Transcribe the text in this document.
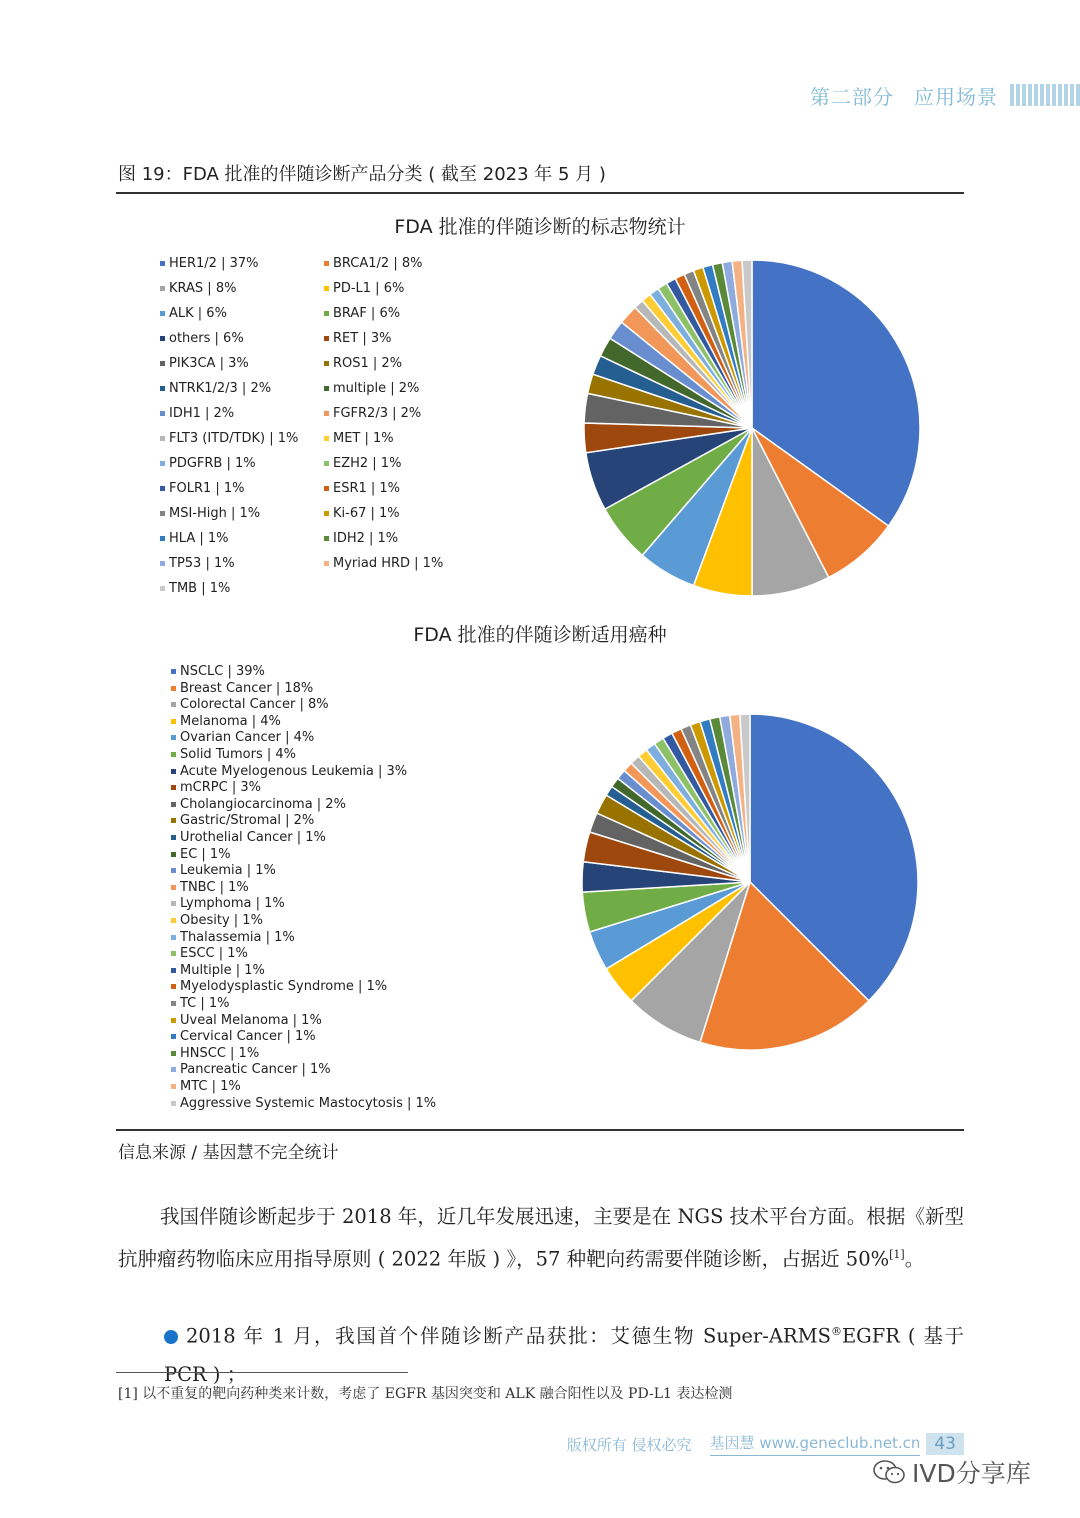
第二部分 应用场景
图 19：FDA 批准的伴随诊断产品分类 ( 截至 2023 年 5 月 )
FDA 批准的伴随诊断的标志物统计
HER1/2 | 37%	BRCA1/2 | 8%
KRAS | 8%	PD-L1 | 6%
ALK | 6%	BRAF | 6%
others | 6%	RET | 3%
PIK3CA | 3%	ROS1 | 2%
NTRK1/2/3 | 2%	multiple | 2%
IDH1 | 2%	FGFR2/3 | 2%
FLT3 (ITD/TDK) | 1%	MET | 1%
PDGFRB | 1%	EZH2 | 1%
FOLR1 | 1%	ESR1 | 1%
MSI-High | 1%	Ki-67 | 1%
HLA | 1%	IDH2 | 1%
TP53 | 1%	Myriad HRD | 1%
TMB | 1%
FDA 批准的伴随诊断适用癌种
NSCLC | 39%
Breast Cancer | 18%
Colorectal Cancer | 8%
Melanoma | 4%
Ovarian Cancer | 4%
Solid Tumors | 4%
Acute Myelogenous Leukemia | 3%
mCRPC | 3%
Cholangiocarcinoma | 2%
Gastric/Stromal | 2%
Urothelial Cancer | 1%
EC | 1%
Leukemia | 1%
TNBC | 1%
Lymphoma | 1%
Obesity | 1%
Thalassemia | 1%
ESCC | 1%
Multiple | 1%
Myelodysplastic Syndrome | 1%
TC | 1%
Uveal Melanoma | 1%
Cervical Cancer | 1%
HNSCC | 1%
Pancreatic Cancer | 1%
MTC | 1%
Aggressive Systemic Mastocytosis | 1%
信息来源 / 基因慧不完全统计
我国伴随诊断起步于 2018 年，近几年发展迅速，主要是在 NGS 技术平台方面。根据《新型抗肿瘤药物临床应用指导原则 ( 2022 年版 ) 》，57 种靶向药需要伴随诊断，占据近 50%[1]。
2018 年 1 月，我国首个伴随诊断产品获批：艾德生物 Super-ARMS®EGFR ( 基于 PCR ) ；
[1] 以不重复的靶向药种类来计数，考虑了 EGFR 基因突变和 ALK 融合阳性以及 PD-L1 表达检测
版权所有 侵权必究 基因慧 www.geneclub.net.cn 43
IVD分享库
